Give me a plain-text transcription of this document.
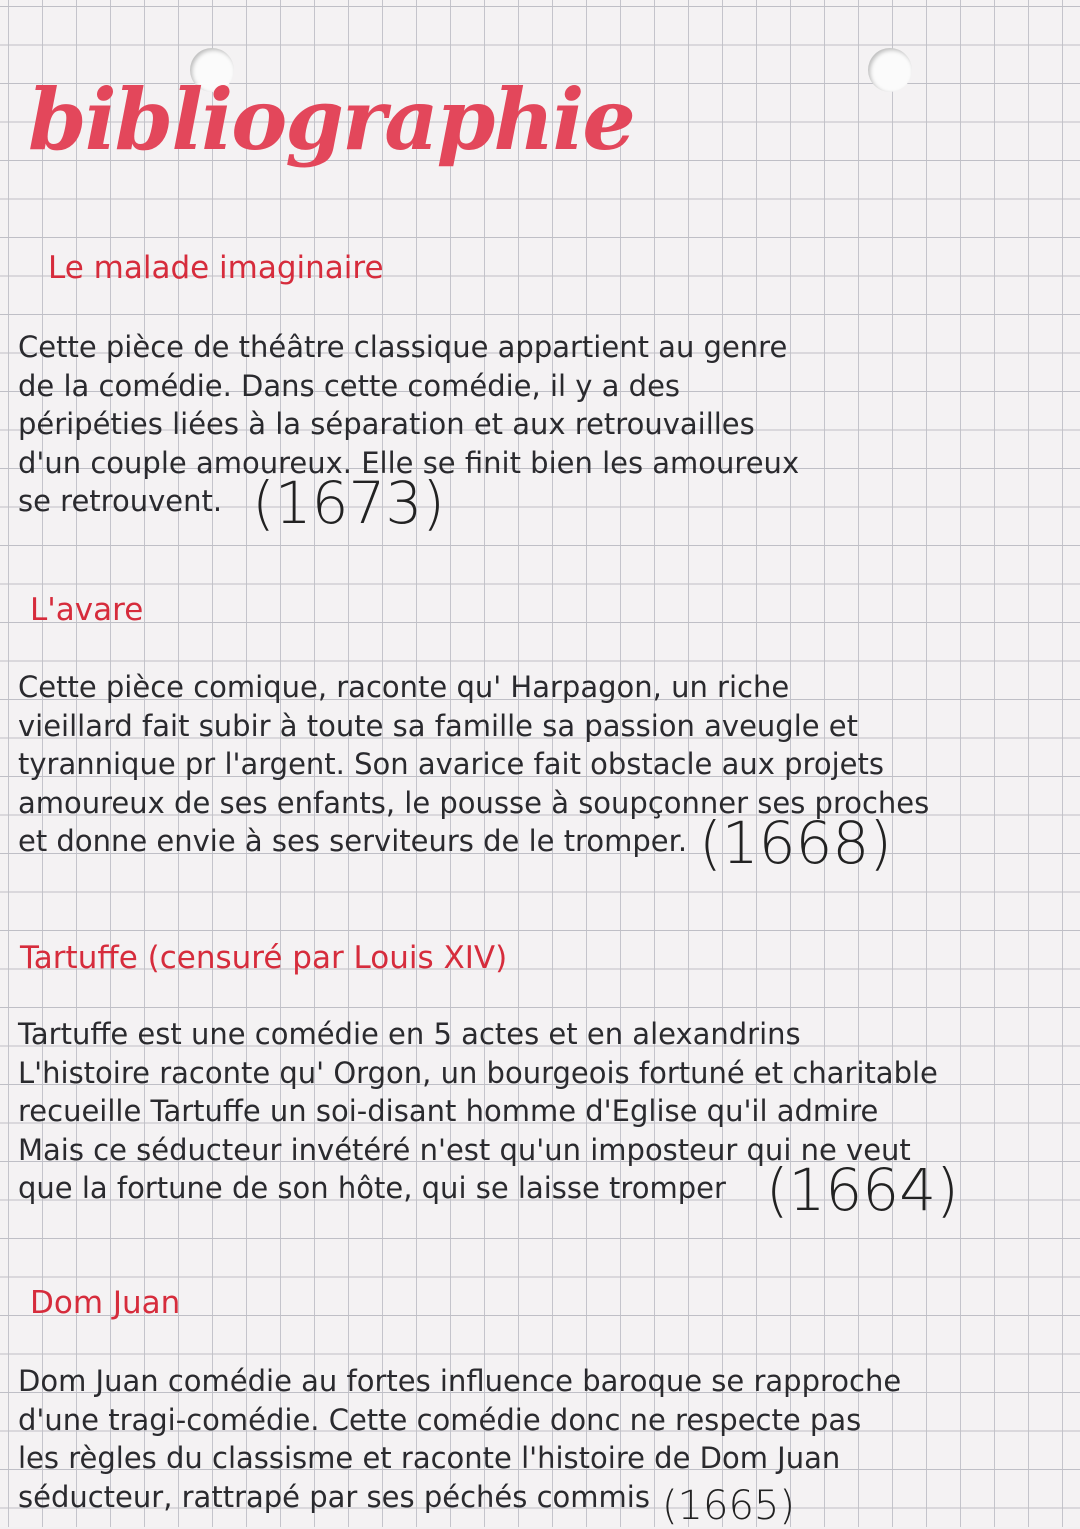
bibliographie
Le malade imaginaire
Cette pièce de théâtre classique appartient au genre
de la comédie. Dans cette comédie, il y a des
péripéties liées à la séparation et aux retrouvailles
d'un couple amoureux. Elle se finit bien les amoureux
se retrouvent. (1673)
L'avare
Cette pièce comique, raconte qu' Harpagon, un riche
vieillard fait subir à toute sa famille sa passion aveugle et
tyrannique pr l'argent. Son avarice fait obstacle aux projets
amoureux de ses enfants, le pousse à soupçonner ses proches
et donne envie à ses serviteurs de le tromper. (1668)
Tartuffe (censuré par Louis XIV)
Tartuffe est une comédie en 5 actes et en alexandrins
L'histoire raconte qu' Orgon, un bourgeois fortuné et charitable
recueille Tartuffe un soi-disant homme d'Eglise qu'il admire
Mais ce séducteur invétéré n'est qu'un imposteur qui ne veut
que la fortune de son hôte, qui se laisse tromper (1664)
Dom Juan
Dom Juan comédie au fortes influence baroque se rapproche
d'une tragi-comédie. Cette comédie donc ne respecte pas
les règles du classisme et raconte l'histoire de Dom Juan
séducteur, rattrapé par ses péchés commis (1665)
